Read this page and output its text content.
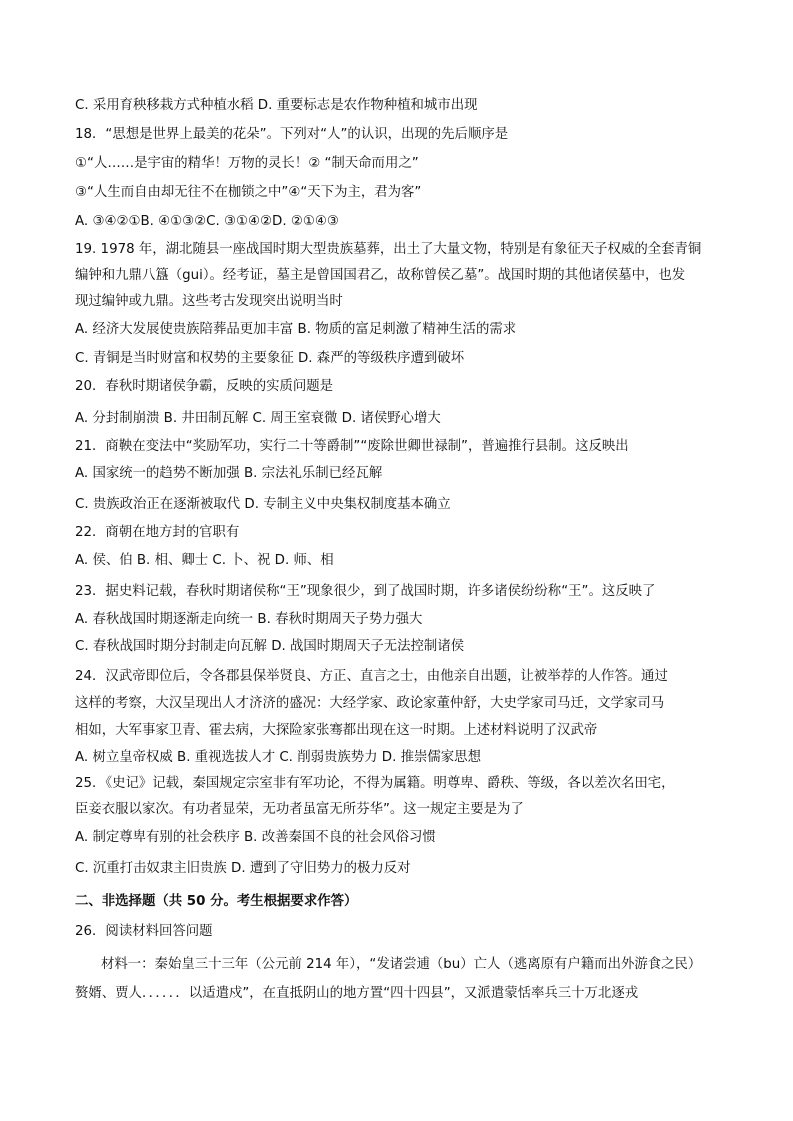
C. 采用育秧移栽方式种植水稻 D. 重要标志是农作物种植和城市出现
18．“思想是世界上最美的花朵”。下列对“人”的认识，出现的先后顺序是
①“人……是宇宙的精华！万物的灵长！② “制天命而用之”
③“人生而自由却无往不在枷锁之中”④“天下为主，君为客”
A. ③④②①B. ④①③②C. ③①④②D. ②①④③
19. 1978 年，湖北随县一座战国时期大型贵族墓葬，出土了大量文物，特别是有象征天子权威的全套青铜
编钟和九鼎八簋（gui）。经考证，墓主是曾国国君乙，故称曾侯乙墓”。战国时期的其他诸侯墓中，也发
现过编钟或九鼎。这些考古发现突出说明当时
A. 经济大发展使贵族陪葬品更加丰富 B. 物质的富足刺激了精神生活的需求
C. 青铜是当时财富和权势的主要象征 D. 森严的等级秩序遭到破坏
20．春秋时期诸侯争霸，反映的实质问题是
A. 分封制崩溃 B. 井田制瓦解 C. 周王室衰微 D. 诸侯野心增大
21．商鞅在变法中“奖励军功，实行二十等爵制”“废除世卿世禄制”，普遍推行县制。这反映出
A. 国家统一的趋势不断加强 B. 宗法礼乐制已经瓦解
C. 贵族政治正在逐渐被取代 D. 专制主义中央集权制度基本确立
22．商朝在地方封的官职有
A. 侯、伯 B. 相、卿士 C. 卜、祝 D. 师、相
23．据史料记载，春秋时期诸侯称“王”现象很少，到了战国时期，许多诸侯纷纷称“王”。这反映了
A. 春秋战国时期逐渐走向统一 B. 春秋时期周天子势力强大
C. 春秋战国时期分封制走向瓦解 D. 战国时期周天子无法控制诸侯
24．汉武帝即位后，令各郡县保举贤良、方正、直言之士，由他亲自出题，让被举荐的人作答。通过
这样的考察，大汉呈现出人才济济的盛况：大经学家、政论家董仲舒，大史学家司马迁，文学家司马
相如，大军事家卫青、霍去病，大探险家张骞都出现在这一时期。上述材料说明了汉武帝
A. 树立皇帝权威 B. 重视选拔人才 C. 削弱贵族势力 D. 推崇儒家思想
25．《史记》记载，秦国规定宗室非有军功论，不得为属籍。明尊卑、爵秩、等级，各以差次名田宅，
臣妾衣服以家次。有功者显荣，无功者虽富无所芬华”。这一规定主要是为了
A. 制定尊卑有别的社会秩序 B. 改善秦国不良的社会风俗习惯
C. 沉重打击奴隶主旧贵族 D. 遭到了守旧势力的极力反对
二、非选择题（共 50 分。考生根据要求作答）
26．阅读材料回答问题
材料一：秦始皇三十三年（公元前 214 年），“发诸尝逋（bu）亡人（逃离原有户籍而出外游食之民）
赘婿、贾人．．．．．．以适遣戍”，在直抵阴山的地方置“四十四县”，又派遣蒙恬率兵三十万北逐戎
